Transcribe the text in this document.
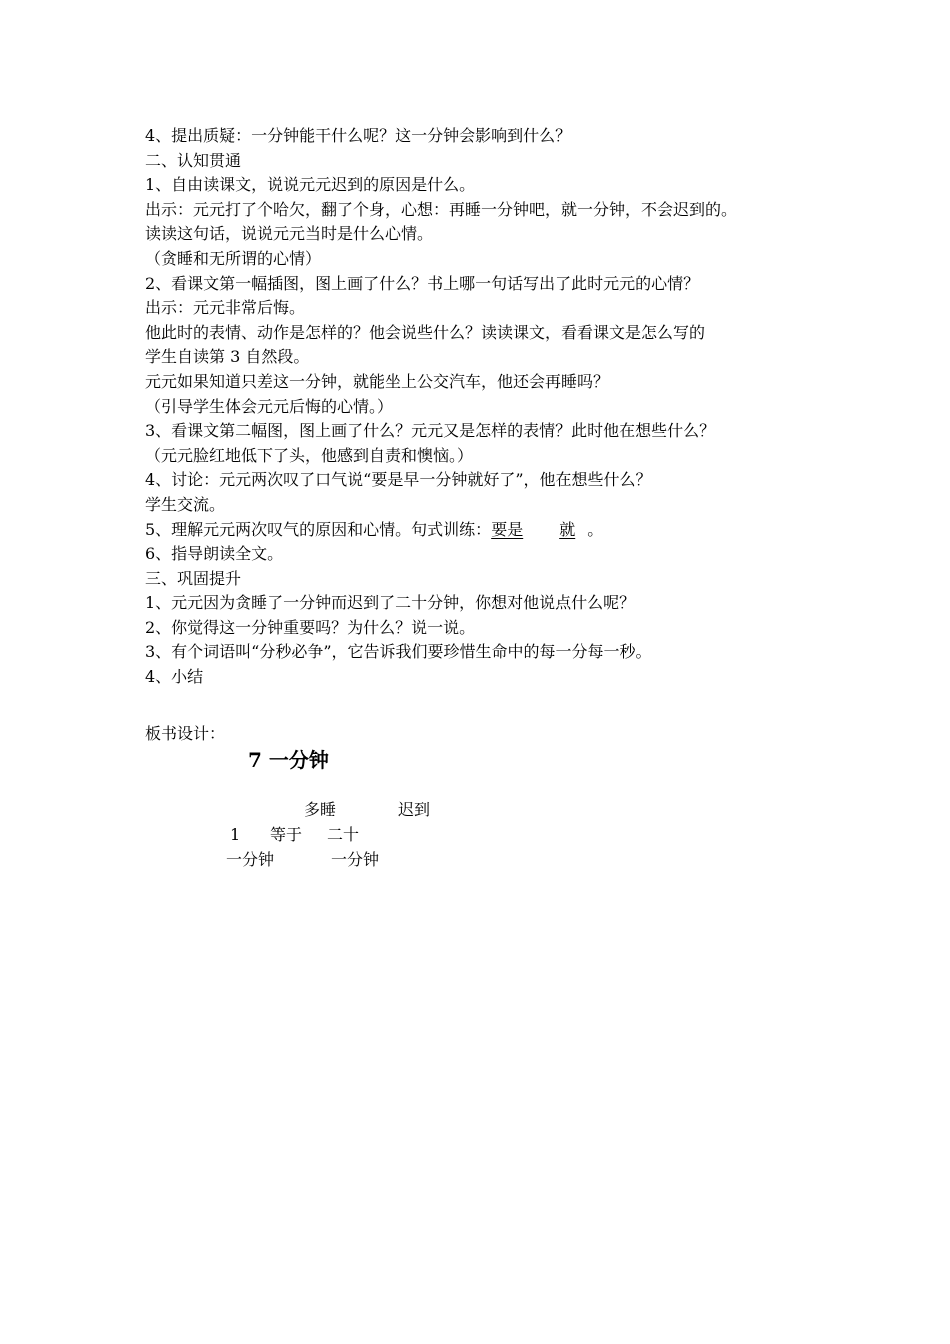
4、提出质疑：一分钟能干什么呢？这一分钟会影响到什么？
二、认知贯通
1、自由读课文，说说元元迟到的原因是什么。
出示：元元打了个哈欠，翻了个身，心想：再睡一分钟吧，就一分钟，不会迟到的。
读读这句话，说说元元当时是什么心情。
（贪睡和无所谓的心情）
2、看课文第一幅插图，图上画了什么？书上哪一句话写出了此时元元的心情？
出示：元元非常后悔。
他此时的表情、动作是怎样的？他会说些什么？读读课文，看看课文是怎么写的
学生自读第 3 自然段。
元元如果知道只差这一分钟，就能坐上公交汽车，他还会再睡吗？
（引导学生体会元元后悔的心情。）
3、看课文第二幅图，图上画了什么？元元又是怎样的表情？此时他在想些什么？
（元元脸红地低下了头，他感到自责和懊恼。）
4、讨论：元元两次叹了口气说“要是早一分钟就好了”，他在想些什么？
学生交流。
5、理解元元两次叹气的原因和心情。句式训练：要是 就 。
6、指导朗读全文。
三、巩固提升
1、元元因为贪睡了一分钟而迟到了二十分钟，你想对他说点什么呢？
2、你觉得这一分钟重要吗？为什么？说一说。
3、有个词语叫“分秒必争”，它告诉我们要珍惜生命中的每一分每一秒。
4、小结
板书设计：
7 一分钟
多睡	迟到
1 等于 二十
一分钟	一分钟
